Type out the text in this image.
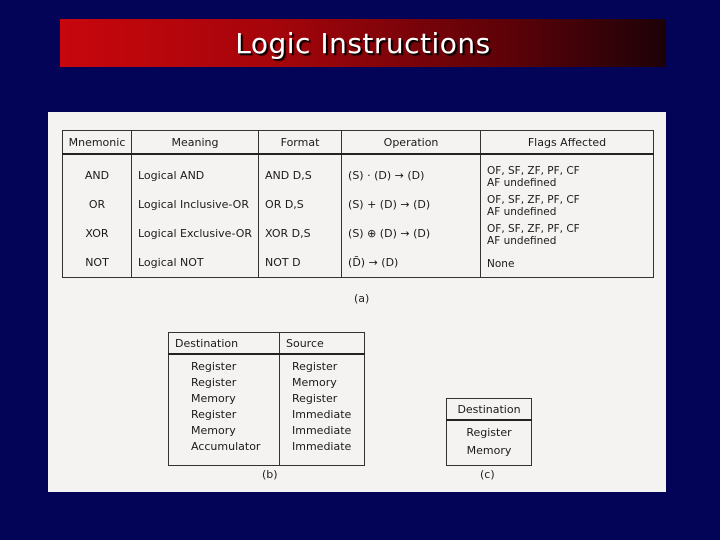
Logic Instructions
Mnemonic	Meaning	Format	Operation	Flags Affected

AND	Logical AND	AND D,S	(S) · (D) → (D)	OF, SF, ZF, PF, CF
AF undefined

OR	Logical Inclusive-OR	OR D,S	(S) + (D) → (D)	OF, SF, ZF, PF, CF
AF undefined

XOR	Logical Exclusive-OR	XOR D,S	(S) ⊕ (D) → (D)	OF, SF, ZF, PF, CF
AF undefined

NOT	Logical NOT	NOT D	(D̄) → (D)	None
(a)
Destination	Source
Register	Register
Register	Memory
Memory	Register
Register	Immediate
Memory	Immediate
Accumulator	Immediate
(b)
Destination
Register
Memory
(c)
